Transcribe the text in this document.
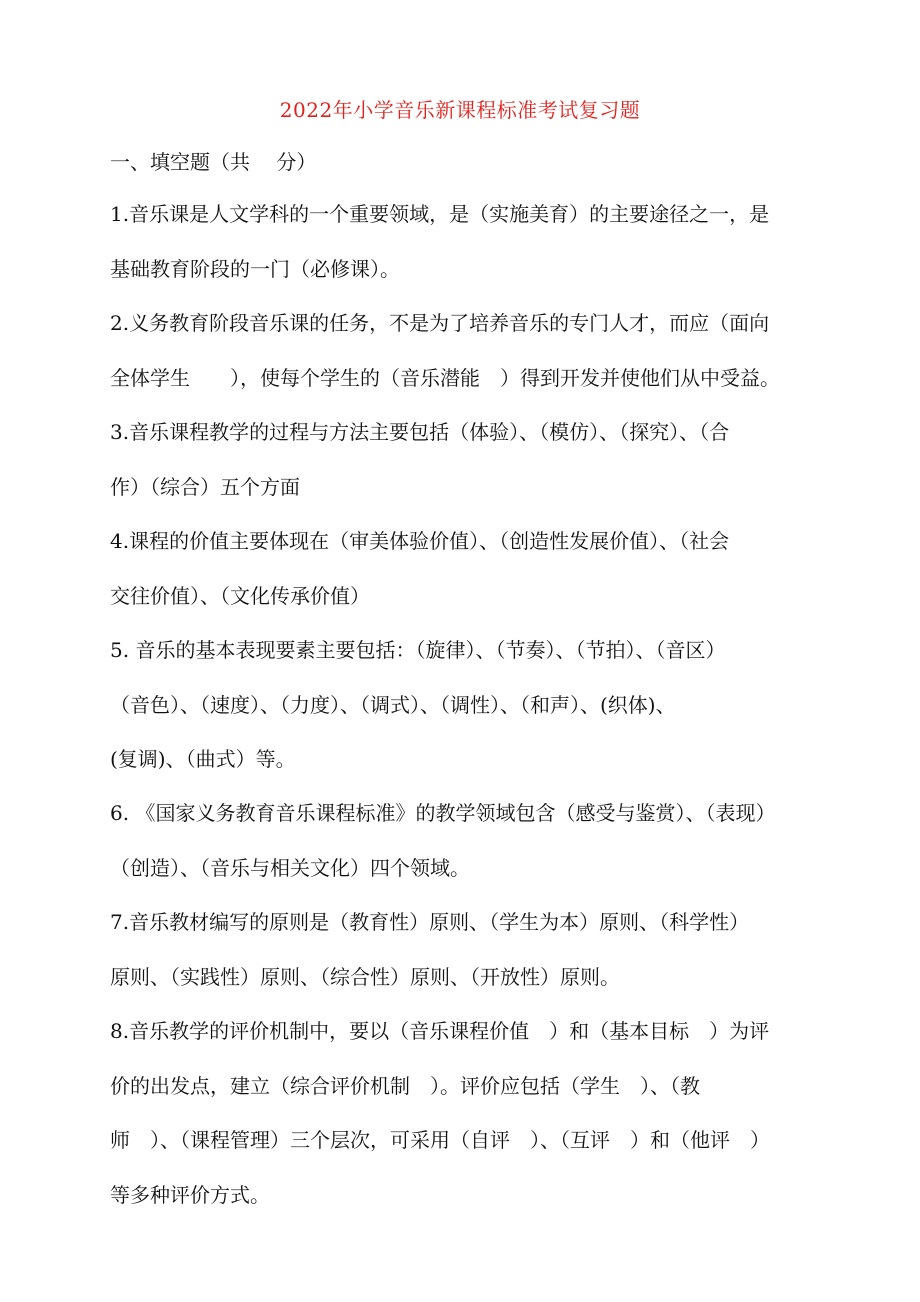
2022年小学音乐新课程标准考试复习题
一、填空题（共　 分）
1.音乐课是人文学科的一个重要领域，是（实施美育）的主要途径之一，是
基础教育阶段的一门（必修课）。
2.义务教育阶段音乐课的任务，不是为了培养音乐的专门人才，而应（面向
全体学生　　），使每个学生的（音乐潜能　）得到开发并使他们从中受益。
3.音乐课程教学的过程与方法主要包括（体验）、（模仿）、（探究）、（合
作）（综合）五个方面
4.课程的价值主要体现在（审美体验价值）、（创造性发展价值）、（社会
交往价值）、（文化传承价值）
5. 音乐的基本表现要素主要包括：（旋律）、（节奏）、（节拍）、（音区）
（音色）、（速度）、（力度）、（调式）、（调性）、（和声）、(织体)、
(复调)、（曲式）等。
6. 《国家义务教育音乐课程标准》的教学领域包含（感受与鉴赏）、（表现）
（创造）、（音乐与相关文化）四个领域。
7.音乐教材编写的原则是（教育性）原则、（学生为本）原则、（科学性）
原则、（实践性）原则、（综合性）原则、（开放性）原则。
8.音乐教学的评价机制中，要以（音乐课程价值　）和（基本目标　）为评
价的出发点，建立（综合评价机制　）。评价应包括（学生　）、（教
师　）、（课程管理）三个层次，可采用（自评　）、（互评　）和（他评　）
等多种评价方式。
